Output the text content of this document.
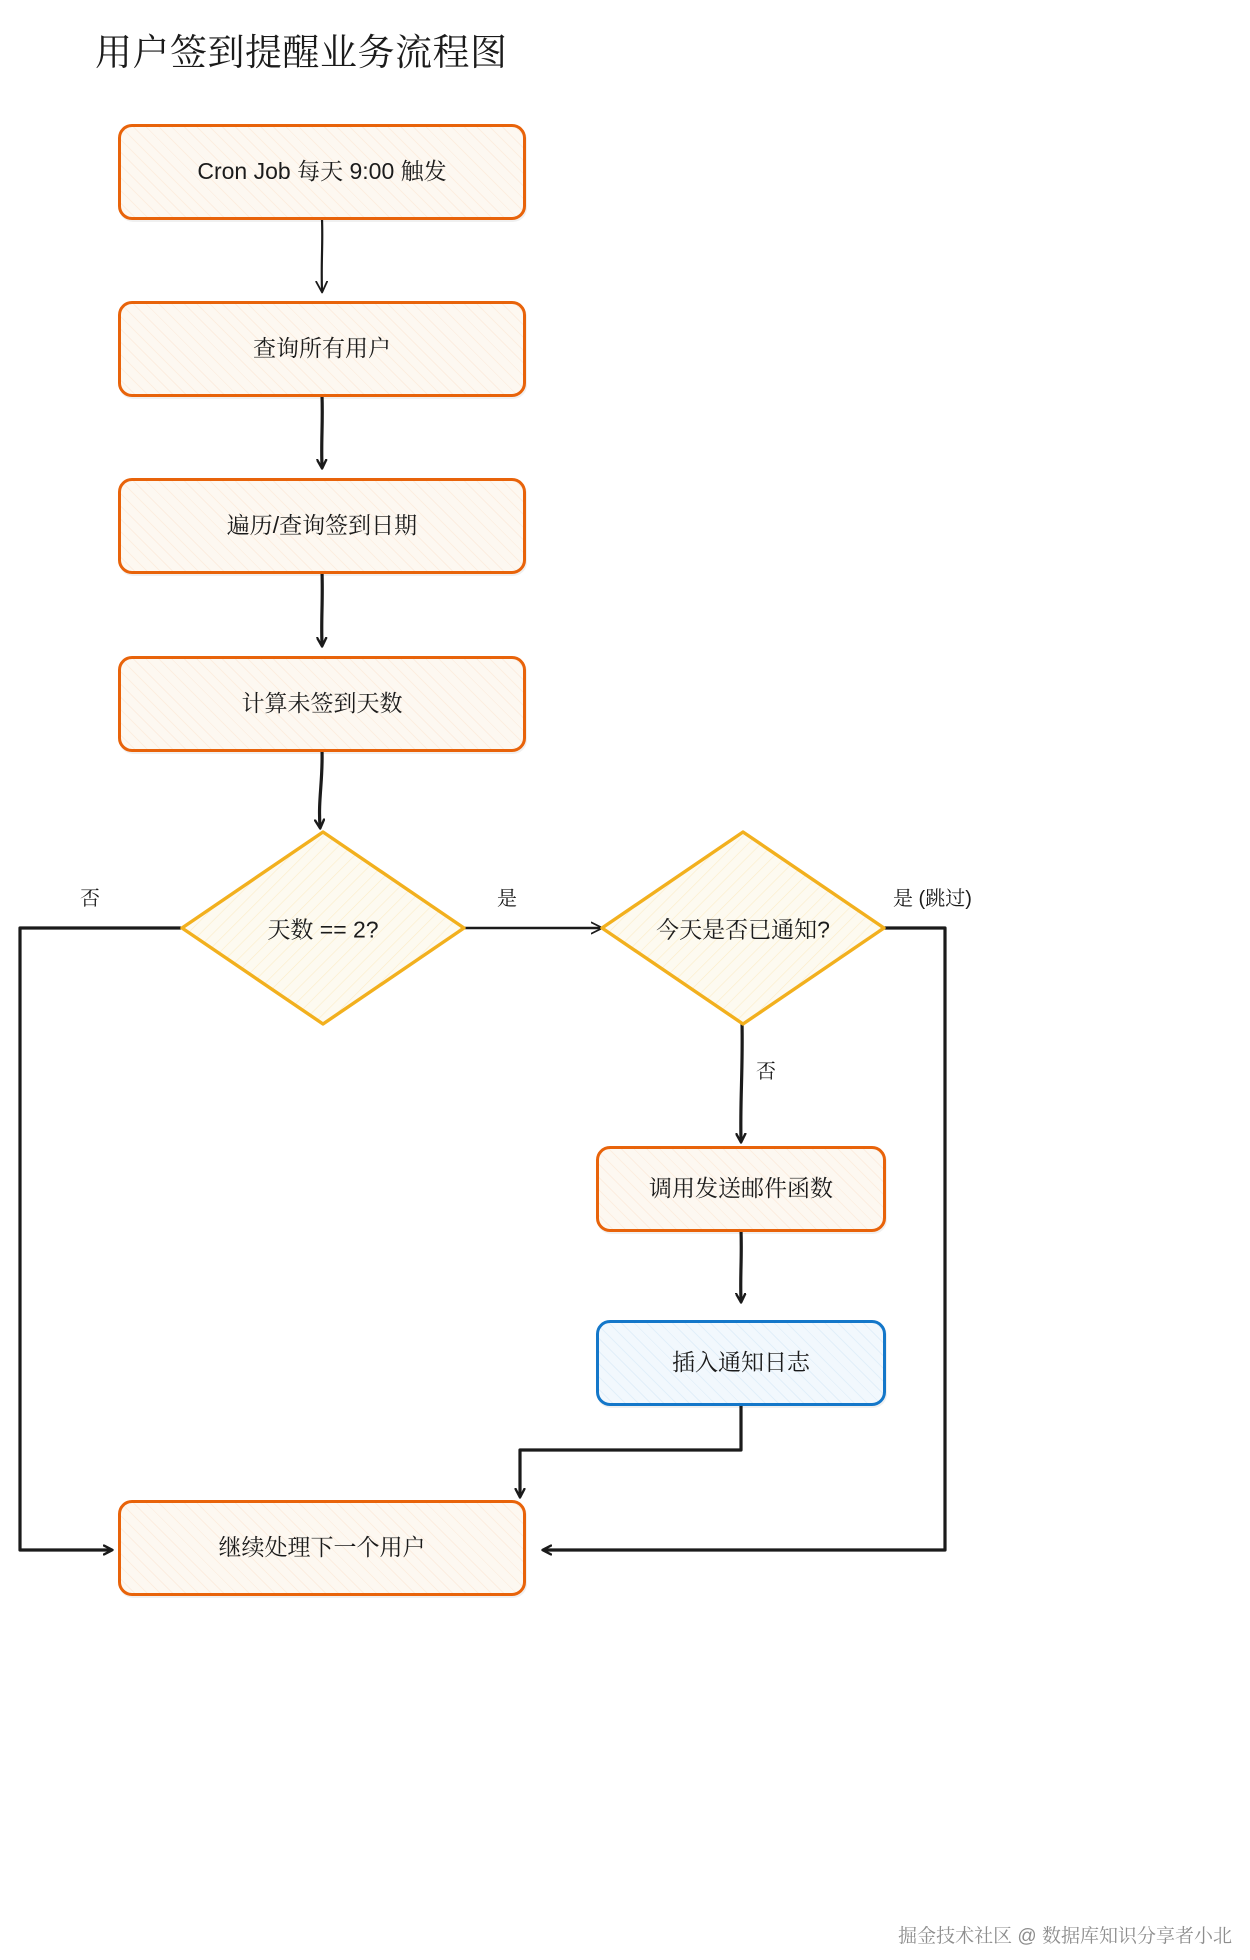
用户签到提醒业务流程图
Cron Job 每天 9:00 触发
查询所有用户
遍历/查询签到日期
计算未签到天数
天数 == 2?	今天是否已通知?
调用发送邮件函数
插入通知日志
继续处理下一个用户
否	是	是 (跳过)
否
掘金技术社区 @ 数据库知识分享者小北
